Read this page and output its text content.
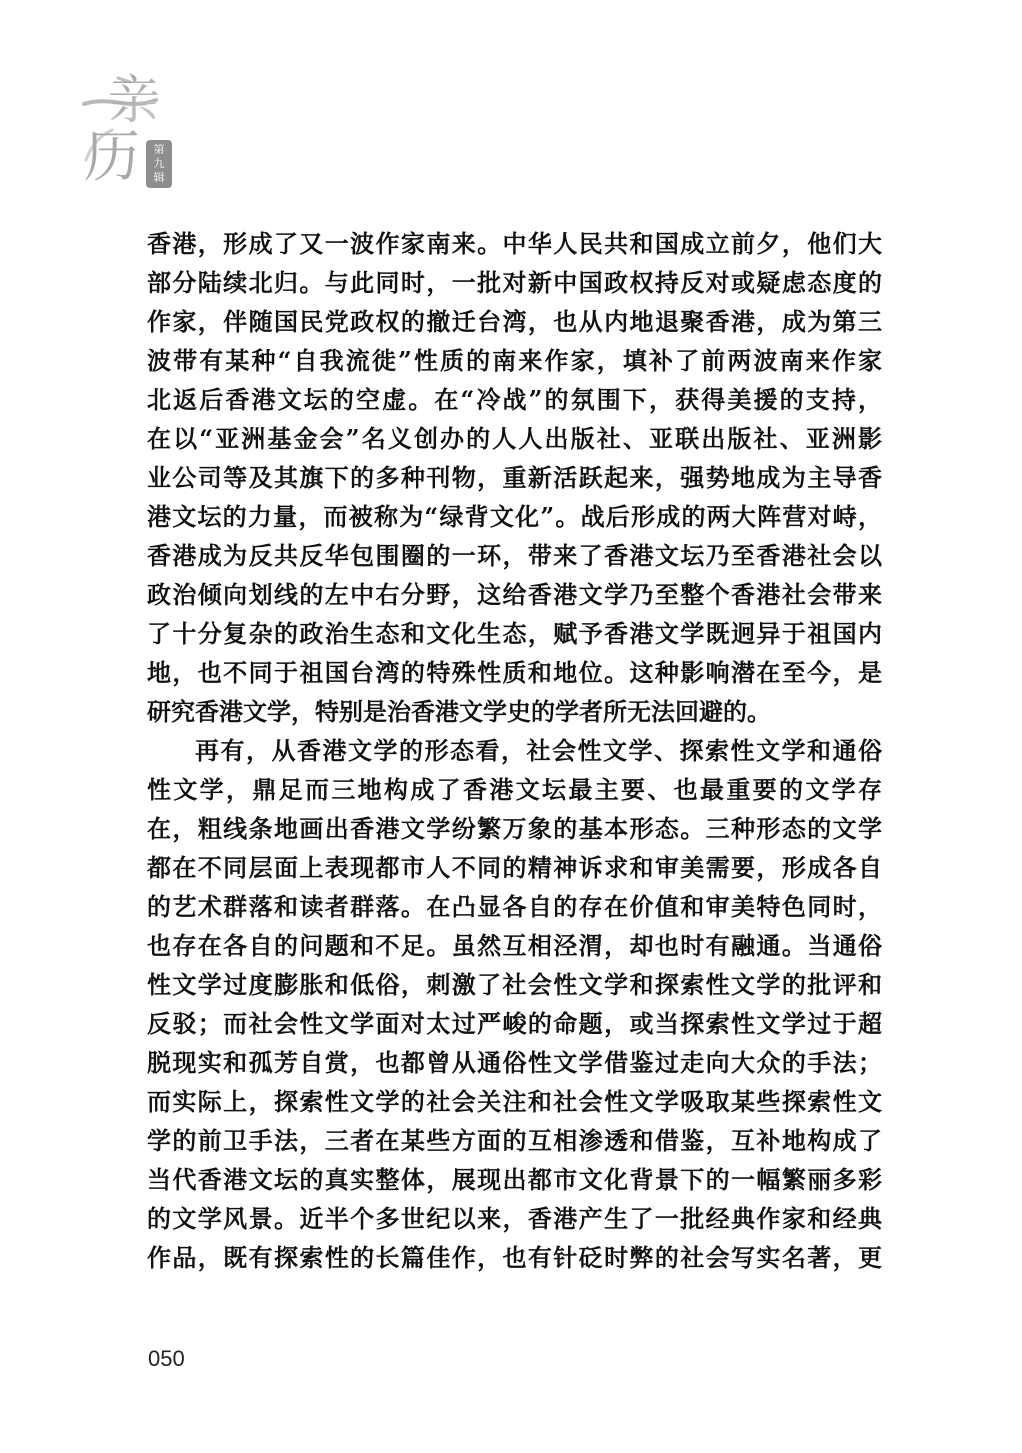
亲
历 第
九
辑
香港，形成了又一波作家南来。中华人民共和国成立前夕，他们大
部分陆续北归。与此同时，一批对新中国政权持反对或疑虑态度的
作家，伴随国民党政权的撤迁台湾，也从内地退聚香港，成为第三
波带有某种“自我流徙”性质的南来作家，填补了前两波南来作家
北返后香港文坛的空虚。在“冷战”的氛围下，获得美援的支持，
在以“亚洲基金会”名义创办的人人出版社、亚联出版社、亚洲影
业公司等及其旗下的多种刊物，重新活跃起来，强势地成为主导香
港文坛的力量，而被称为“绿背文化”。战后形成的两大阵营对峙，
香港成为反共反华包围圈的一环，带来了香港文坛乃至香港社会以
政治倾向划线的左中右分野，这给香港文学乃至整个香港社会带来
了十分复杂的政治生态和文化生态，赋予香港文学既迥异于祖国内
地，也不同于祖国台湾的特殊性质和地位。这种影响潜在至今，是
研究香港文学，特别是治香港文学史的学者所无法回避的。
再有，从香港文学的形态看，社会性文学、探索性文学和通俗
性文学，鼎足而三地构成了香港文坛最主要、也最重要的文学存
在，粗线条地画出香港文学纷繁万象的基本形态。三种形态的文学
都在不同层面上表现都市人不同的精神诉求和审美需要，形成各自
的艺术群落和读者群落。在凸显各自的存在价值和审美特色同时，
也存在各自的问题和不足。虽然互相泾渭，却也时有融通。当通俗
性文学过度膨胀和低俗，刺激了社会性文学和探索性文学的批评和
反驳；而社会性文学面对太过严峻的命题，或当探索性文学过于超
脱现实和孤芳自赏，也都曾从通俗性文学借鉴过走向大众的手法；
而实际上，探索性文学的社会关注和社会性文学吸取某些探索性文
学的前卫手法，三者在某些方面的互相渗透和借鉴，互补地构成了
当代香港文坛的真实整体，展现出都市文化背景下的一幅繁丽多彩
的文学风景。近半个多世纪以来，香港产生了一批经典作家和经典
作品，既有探索性的长篇佳作，也有针砭时弊的社会写实名著，更
050
